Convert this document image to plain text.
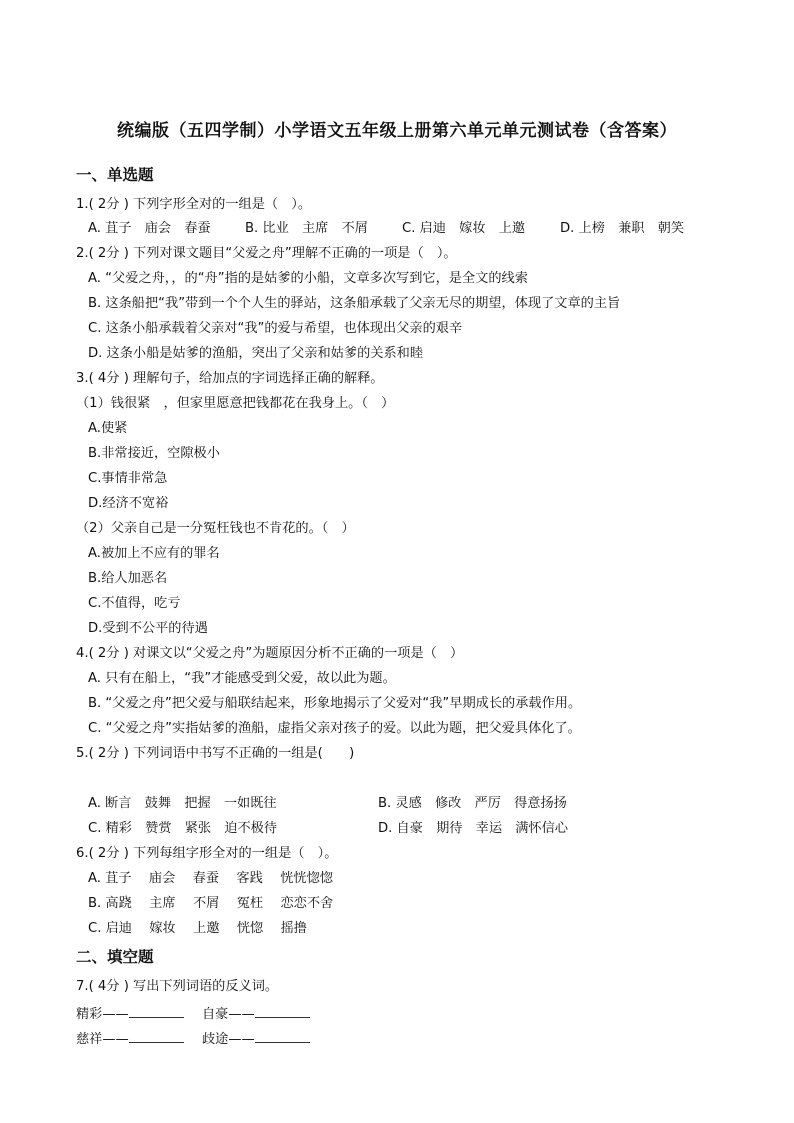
统编版（五四学制）小学语文五年级上册第六单元单元测试卷（含答案）
一、单选题
1.( 2分 ) 下列字形全对的一组是（　）。
A. 苴子　庙会　春蚕	B. 比业　主席　不屑	C. 启迪　嫁妆　上邀	D. 上榜　兼职　朝笑
2.( 2分 ) 下列对课文题目“父爱之舟”理解不正确的一项是（　）。
A. “父爱之舟，，的“舟”指的是姑爹的小船，文章多次写到它，是全文的线索
B. 这条船把“我”带到一个个人生的驿站，这条船承载了父亲无尽的期望，体现了文章的主旨
C. 这条小船承载着父亲对“我”的爱与希望，也体现出父亲的艰辛
D. 这条小船是姑爹的渔船，突出了父亲和姑爹的关系和睦
3.( 4分 ) 理解句子，给加点的字词选择正确的解释。
（1）钱很紧　，但家里愿意把钱都花在我身上。（　）
A.使紧
B.非常接近，空隙极小
C.事情非常急
D.经济不宽裕
（2）父亲自己是一分冤枉钱也不肯花的。（　）
A.被加上不应有的罪名
B.给人加恶名
C.不值得，吃亏
D.受到不公平的待遇
4.( 2分 ) 对课文以“父爱之舟”为题原因分析不正确的一项是（　）
A. 只有在船上，“我”才能感受到父爱，故以此为题。
B. “父爱之舟”把父爱与船联结起来，形象地揭示了父爱对“我”早期成长的承载作用。
C. “父爱之舟”实指姑爹的渔船，虚指父亲对孩子的爱。以此为题，把父爱具体化了。
5.( 2分 ) 下列词语中书写不正确的一组是(　　)
A. 断言　鼓舞　把握　一如既往	B. 灵感　修改　严厉　得意扬扬
C. 精彩　赞赏　紧张　迫不极待	D. 自豪　期待　幸运　满怀信心
6.( 2分 ) 下列每组字形全对的一组是（　）。
A. 苴子　 庙会　 春蚕　 客践　 恍恍惚惚
B. 高跷　 主席　 不屑　 冤枉　 恋恋不舍
C. 启迪　 嫁妆　 上邀　 恍惚　 摇撸
二、填空题
7.( 4分 ) 写出下列词语的反义词。
精彩——	自豪——
慈祥——	歧途——
